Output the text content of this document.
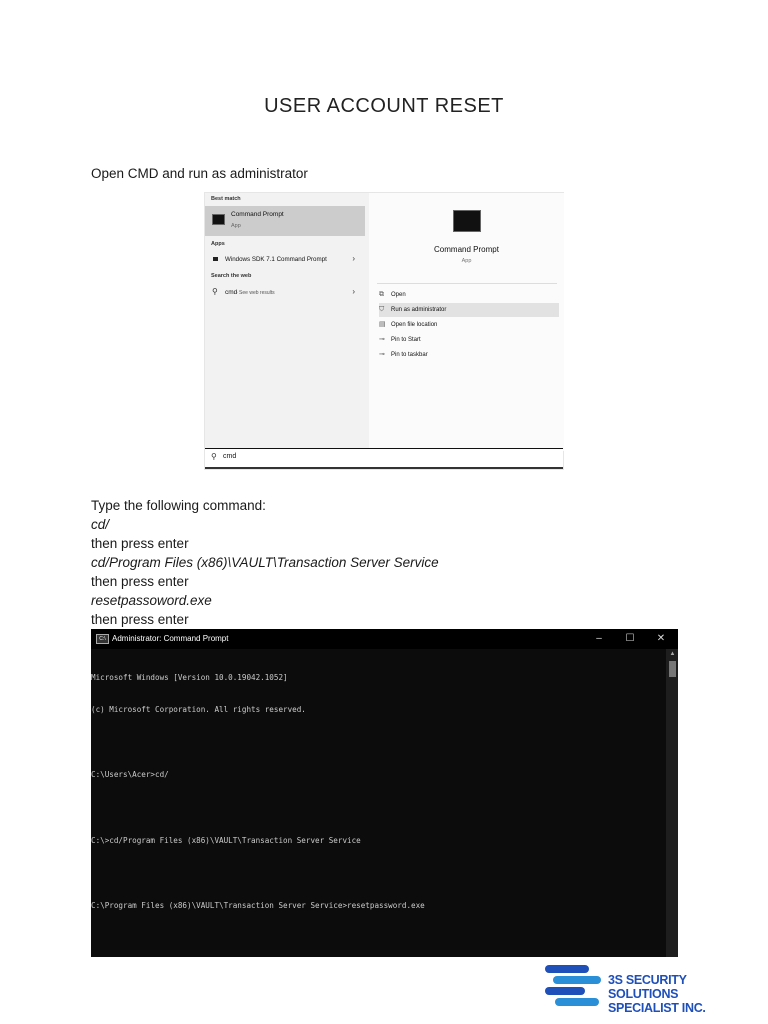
USER ACCOUNT RESET
Open CMD and run as administrator
Best match
Command Prompt
App
Apps
Windows SDK 7.1 Command Prompt	›
Search the web
⚲ cmd
- See web results	›
Command Prompt
App
⧉ Open
⛉ Run as administrator
▤ Open file location
⊸ Pin to Start
⊸ Pin to taskbar
⚲ cmd
Type the following command:
cd/
then press enter
cd/Program Files (x86)\VAULT\Transaction Server Service
then press enter
resetpassoword.exe
then press enter
C:\ Administrator: Command Prompt	–	☐	✕

Microsoft Windows [Version 10.0.19042.1052]

(c) Microsoft Corporation. All rights reserved.

C:\Users\Acer>cd/

C:\>cd/Program Files (x86)\VAULT\Transaction Server Service

C:\Program Files (x86)\VAULT\Transaction Server Service>resetpassword.exe

▲
3S SECURITY SOLUTIONS
SPECIALIST INC.
